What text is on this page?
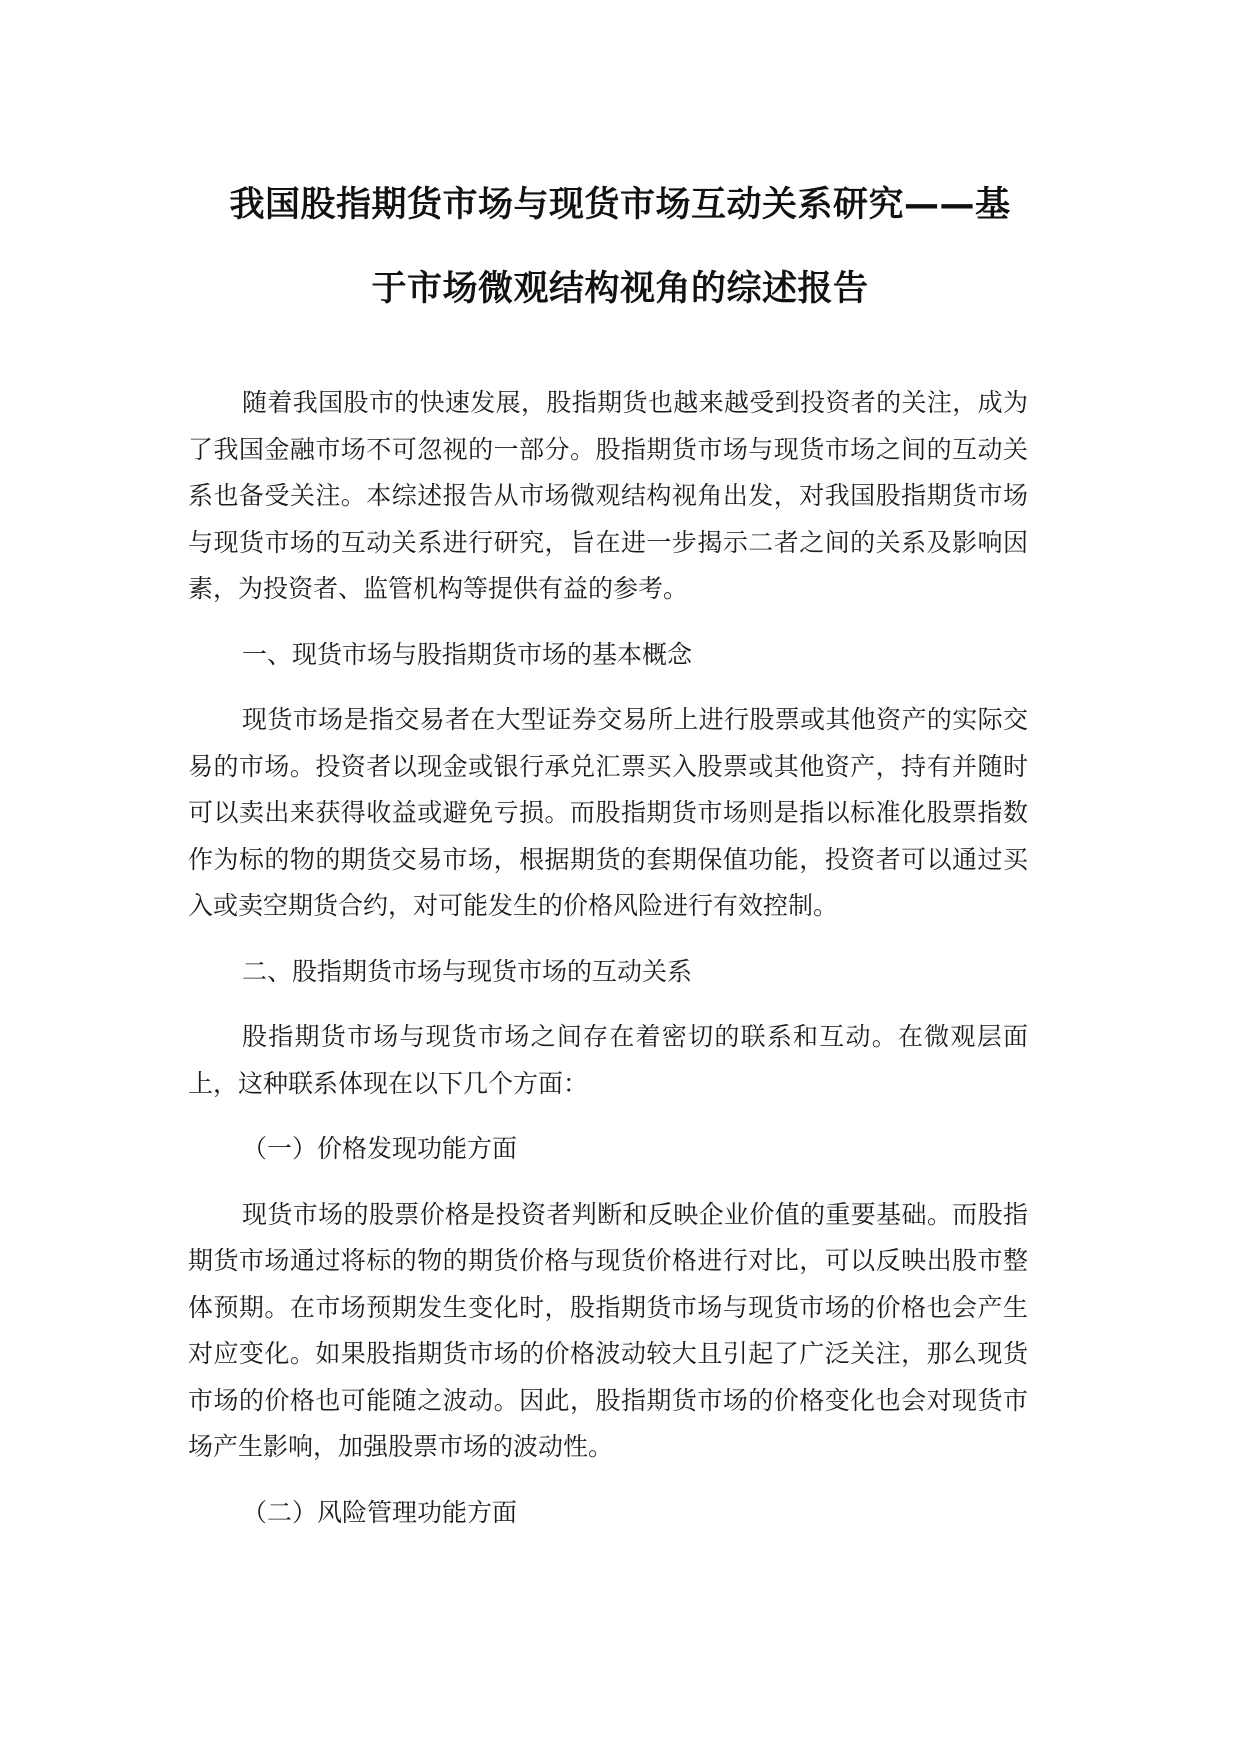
我国股指期货市场与现货市场互动关系研究——基
于市场微观结构视角的综述报告

随着我国股市的快速发展，股指期货也越来越受到投资者的关注，成为了我国金融市场不可忽视的一部分。股指期货市场与现货市场之间的互动关系也备受关注。本综述报告从市场微观结构视角出发，对我国股指期货市场与现货市场的互动关系进行研究，旨在进一步揭示二者之间的关系及影响因素，为投资者、监管机构等提供有益的参考。

一、现货市场与股指期货市场的基本概念

现货市场是指交易者在大型证券交易所上进行股票或其他资产的实际交易的市场。投资者以现金或银行承兑汇票买入股票或其他资产，持有并随时可以卖出来获得收益或避免亏损。而股指期货市场则是指以标准化股票指数作为标的物的期货交易市场，根据期货的套期保值功能，投资者可以通过买入或卖空期货合约，对可能发生的价格风险进行有效控制。

二、股指期货市场与现货市场的互动关系

股指期货市场与现货市场之间存在着密切的联系和互动。在微观层面上，这种联系体现在以下几个方面：

（一）价格发现功能方面

现货市场的股票价格是投资者判断和反映企业价值的重要基础。而股指期货市场通过将标的物的期货价格与现货价格进行对比，可以反映出股市整体预期。在市场预期发生变化时，股指期货市场与现货市场的价格也会产生对应变化。如果股指期货市场的价格波动较大且引起了广泛关注，那么现货市场的价格也可能随之波动。因此，股指期货市场的价格变化也会对现货市场产生影响，加强股票市场的波动性。

（二）风险管理功能方面
